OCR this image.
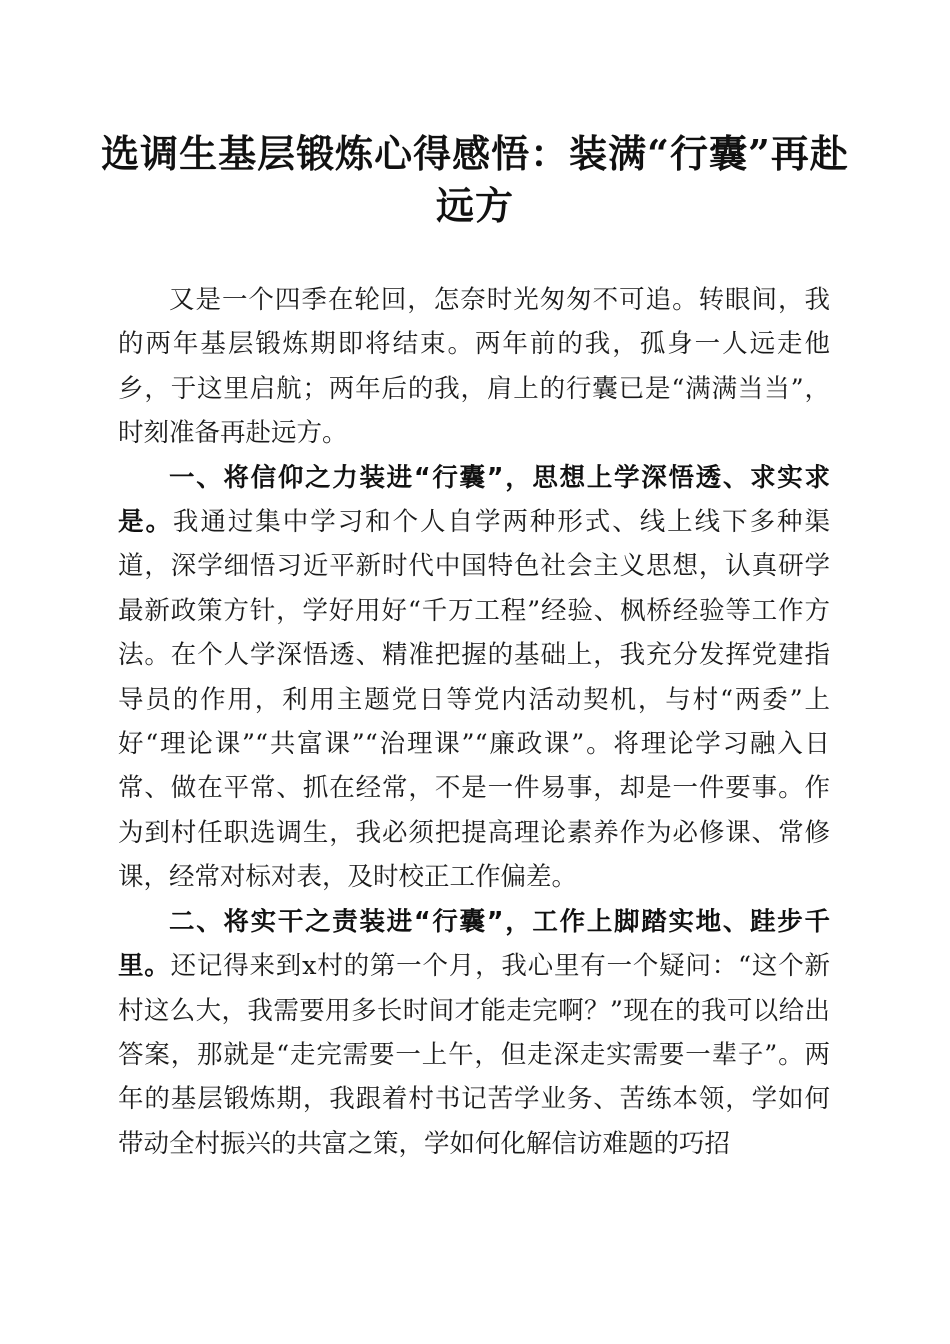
选调生基层锻炼心得感悟：装满“行囊”再赴远方

又是一个四季在轮回，怎奈时光匆匆不可追。转眼间，我的两年基层锻炼期即将结束。两年前的我，孤身一人远走他乡，于这里启航；两年后的我，肩上的行囊已是“满满当当”，时刻准备再赴远方。

一、将信仰之力装进“行囊”，思想上学深悟透、求实求是。我通过集中学习和个人自学两种形式、线上线下多种渠道，深学细悟习近平新时代中国特色社会主义思想，认真研学最新政策方针，学好用好“千万工程”经验、枫桥经验等工作方法。在个人学深悟透、精准把握的基础上，我充分发挥党建指导员的作用，利用主题党日等党内活动契机，与村“两委”上好“理论课”“共富课”“治理课”“廉政课”。将理论学习融入日常、做在平常、抓在经常，不是一件易事，却是一件要事。作为到村任职选调生，我必须把提高理论素养作为必修课、常修课，经常对标对表，及时校正工作偏差。

二、将实干之责装进“行囊”，工作上脚踏实地、跬步千里。还记得来到x村的第一个月，我心里有一个疑问：“这个新村这么大，我需要用多长时间才能走完啊？”现在的我可以给出答案，那就是“走完需要一上午，但走深走实需要一辈子”。两年的基层锻炼期，我跟着村书记苦学业务、苦练本领，学如何带动全村振兴的共富之策，学如何化解信访难题的巧招
